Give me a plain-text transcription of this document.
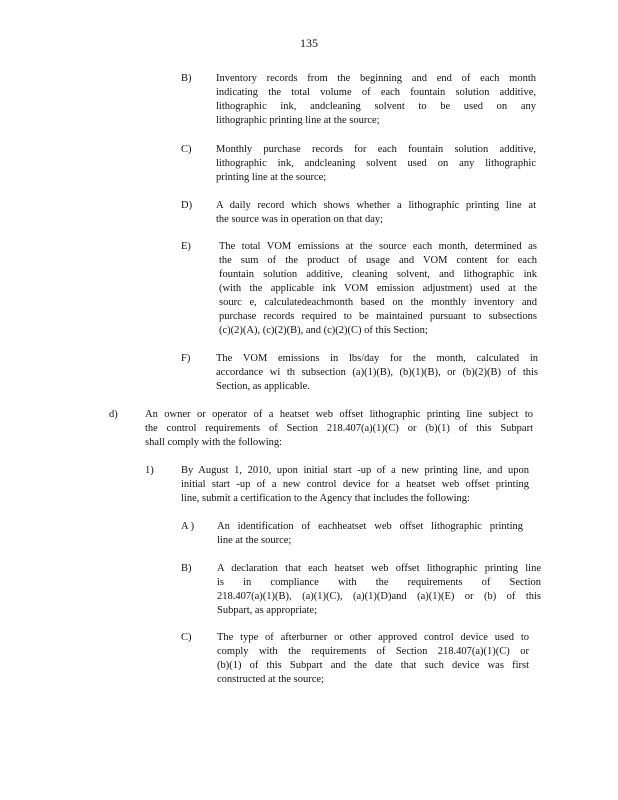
135
B) Inventory records from the beginning and end of each month
indicating the total volume of each fountain solution additive,
lithographic ink, andcleaning solvent to be used on any
lithographic printing line at the source;
C) Monthly purchase records for each fountain solution additive,
lithographic ink, andcleaning solvent used on any lithographic
printing line at the source;
D) A daily record which shows whether a lithographic printing line at
the source was in operation on that day;
E)	The total VOM emissions at the source each month, determined as
the sum of the product of usage and VOM content for each
fountain solution additive, cleaning solvent, and lithographic ink
(with the applicable ink VOM emission adjustment) used at the
sourc e, calculatedeachmonth based on the monthly inventory and
purchase records required to be maintained pursuant to subsections
(c)(2)(A), (c)(2)(B), and (c)(2)(C) of this Section;
F) The VOM emissions in lbs/day for the month, calculated in
accordance wi th subsection (a)(1)(B), (b)(1)(B), or (b)(2)(B) of this
Section, as applicable.
d)	An owner or operator of a heatset web offset lithographic printing line subject to
the control requirements of Section 218.407(a)(1)(C) or (b)(1) of this Subpart
shall comply with the following:
1)	By August 1, 2010, upon initial start -up of a new printing line, and upon
initial start -up of a new control device for a heatset web offset printing
line, submit a certification to the Agency that includes the following:
A ) An identification of eachheatset web offset lithographic printing
line at the source;
B) A declaration that each heatset web offset lithographic printing line
is in compliance with the requirements of Section
218.407(a)(1)(B), (a)(1)(C), (a)(1)(D)and (a)(1)(E) or (b) of this
Subpart, as appropriate;
C) The type of afterburner or other approved control device used to
comply with the requirements of Section 218.407(a)(1)(C) or
(b)(1) of this Subpart and the date that such device was first
constructed at the source;
